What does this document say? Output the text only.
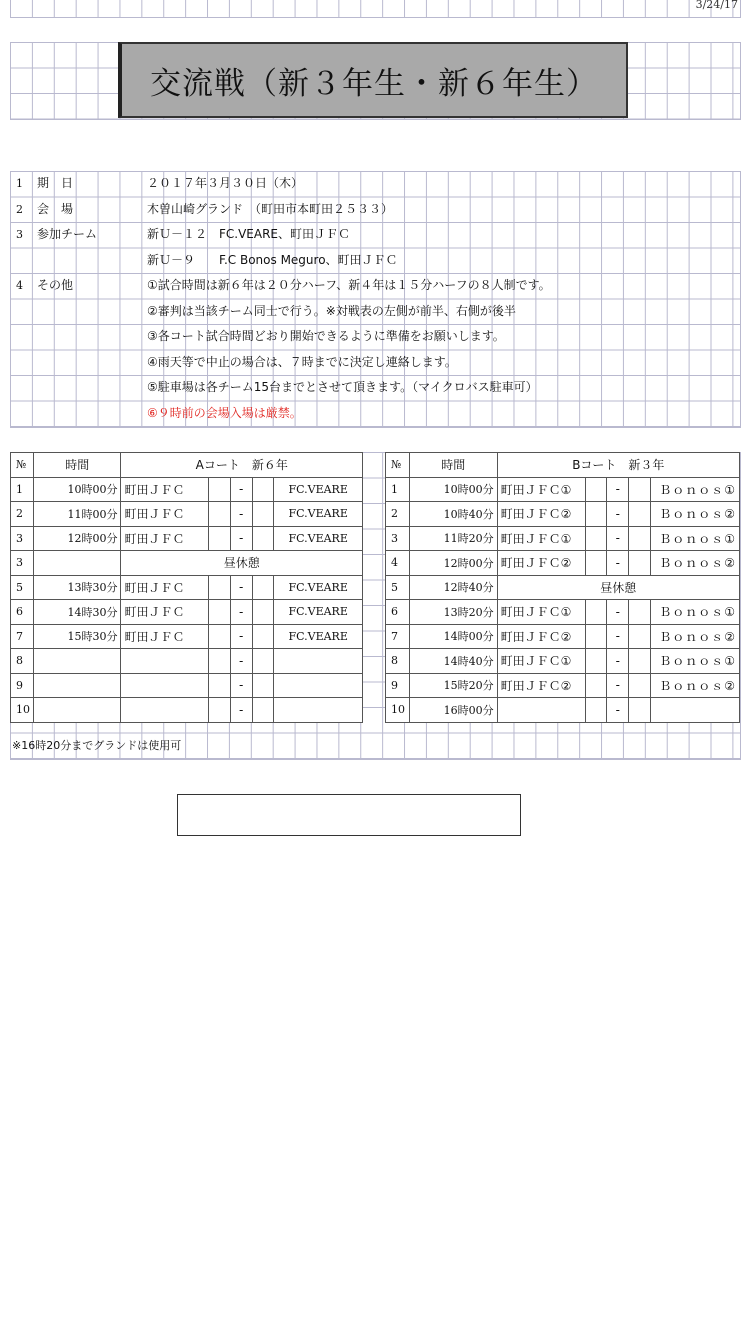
3/24/17
交流戦（新３年生・新６年生）
1 期　日	２０１７年３月３０日（木）
2 会　場	木曽山崎グランド　（町田市本町田２５３３）
3 参加チーム	新Ｕ－１２　FC.VEARE、町田ＪＦＣ
新Ｕ－９　　F.C Bonos Meguro、町田ＪＦＣ
4 その他	①試合時間は新６年は２０分ハーフ、新４年は１５分ハーフの８人制です。
②審判は当該チーム同士で行う。※対戦表の左側が前半、右側が後半
③各コート試合時間どおり開始できるように準備をお願いします。
④雨天等で中止の場合は、７時までに決定し連絡します。
⑤駐車場は各チーム15台までとさせて頂きます。（マイクロバス駐車可）
⑥９時前の会場入場は厳禁。
№	時間	Aコート　新６年				
1	10時00分	町田ＪＦＣ		-		FC.VEARE
2	11時00分	町田ＪＦＣ		-		FC.VEARE
3	12時00分	町田ＪＦＣ		-		FC.VEARE
3		昼休憩				
5	13時30分	町田ＪＦＣ		-		FC.VEARE
6	14時30分	町田ＪＦＣ		-		FC.VEARE
7	15時30分	町田ＪＦＣ		-		FC.VEARE
8				-		
9				-		
10				-		
№	時間	Bコート　新３年				
1	10時00分	町田ＪＦＣ①		-		Ｂｏｎｏｓ①
2	10時40分	町田ＪＦＣ②		-		Ｂｏｎｏｓ②
3	11時20分	町田ＪＦＣ①		-		Ｂｏｎｏｓ①
4	12時00分	町田ＪＦＣ②		-		Ｂｏｎｏｓ②
5	12時40分	昼休憩				
6	13時20分	町田ＪＦＣ①		-		Ｂｏｎｏｓ①
7	14時00分	町田ＪＦＣ②		-		Ｂｏｎｏｓ②
8	14時40分	町田ＪＦＣ①		-		Ｂｏｎｏｓ①
9	15時20分	町田ＪＦＣ②		-		Ｂｏｎｏｓ②
10	16時00分			-		
※16時20分までグランドは使用可
